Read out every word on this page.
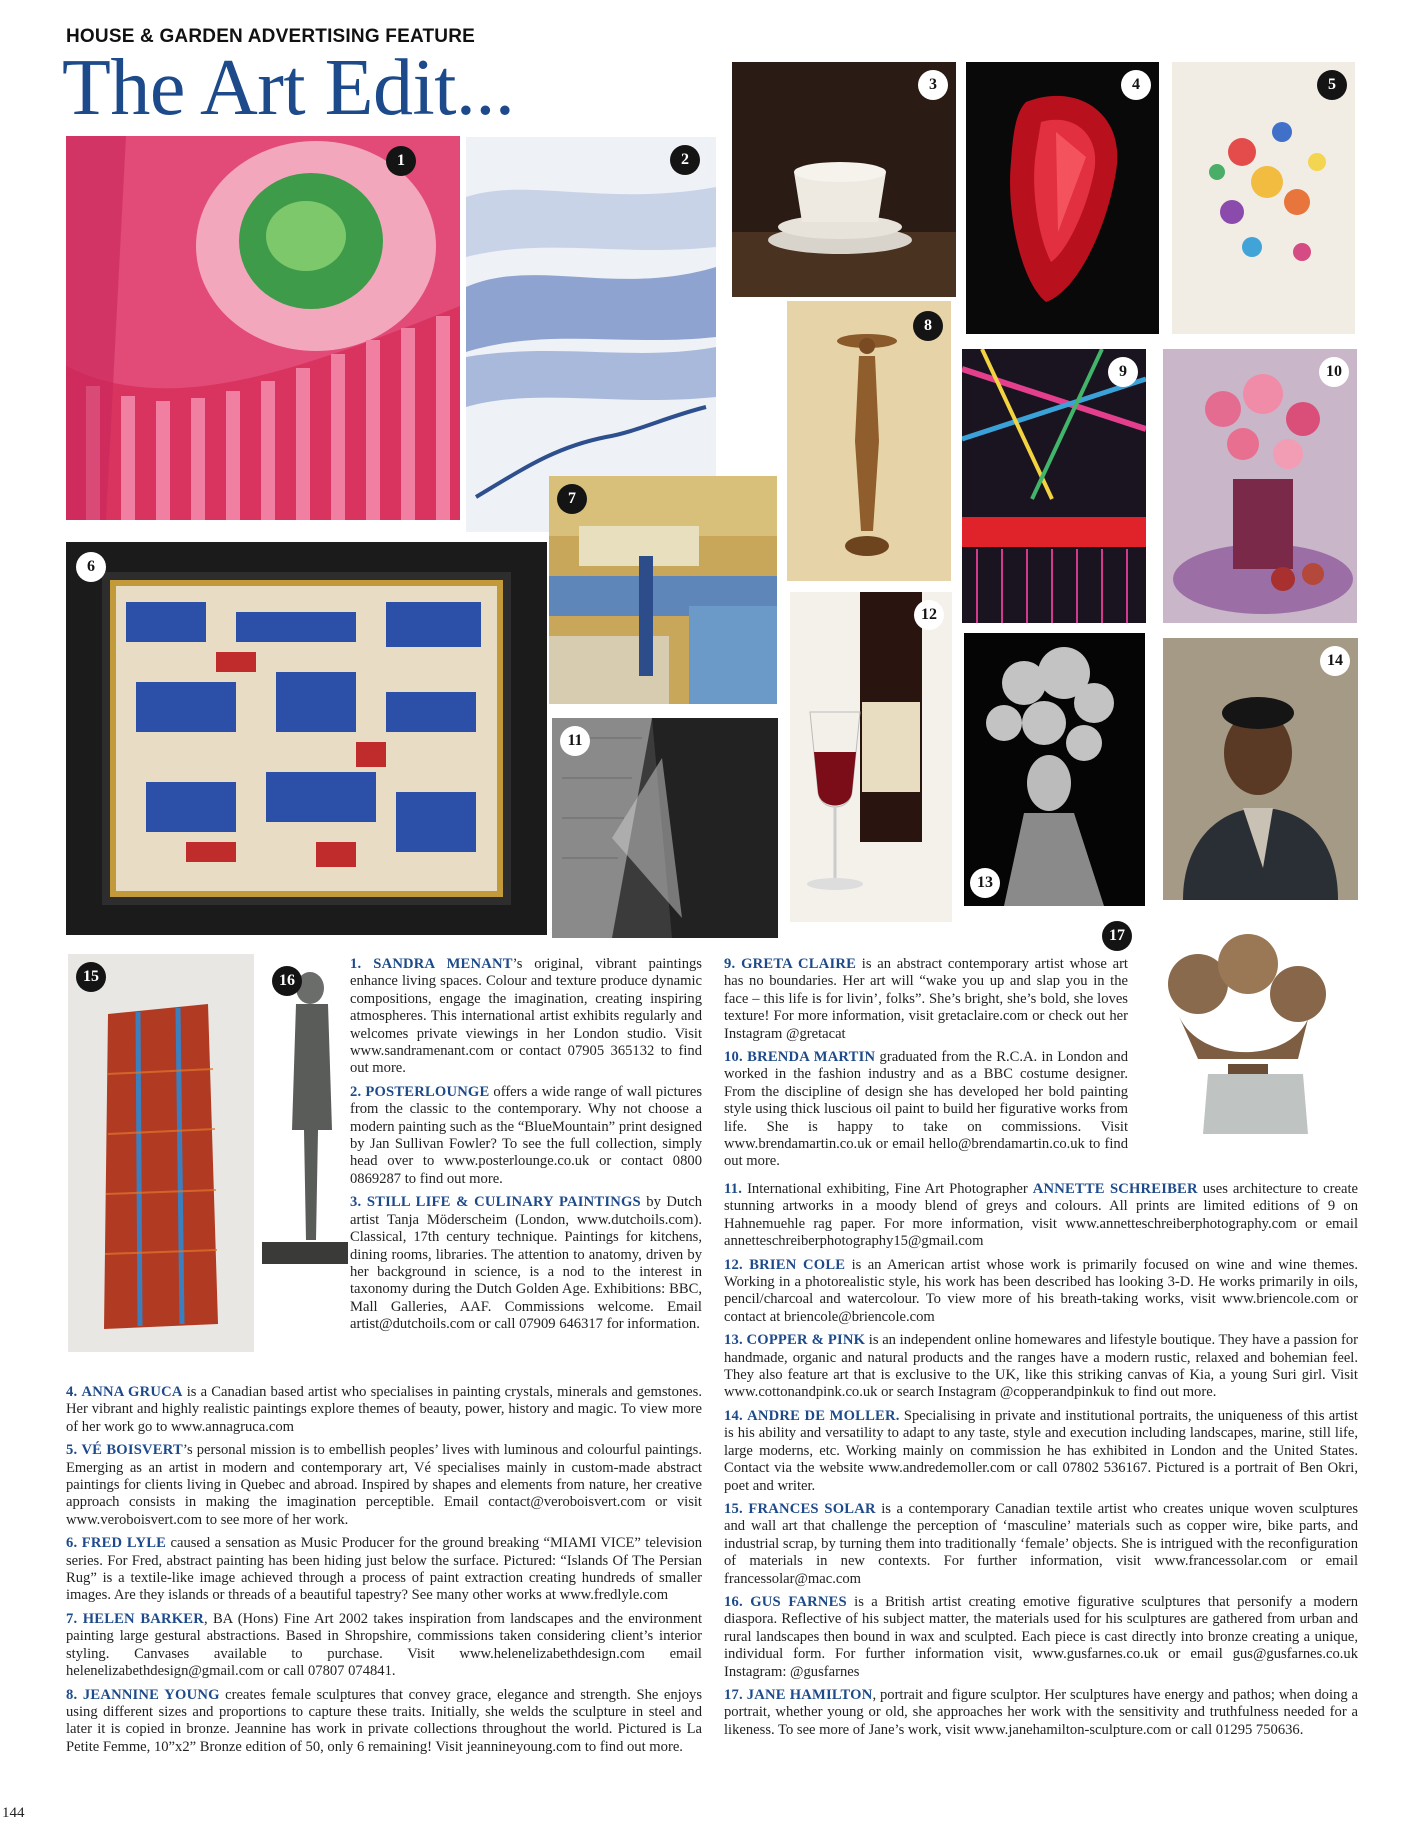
HOUSE & GARDEN ADVERTISING FEATURE
The Art Edit...
1	2
3	4	5
8
9	10
6
7
11
12
13
14
17
15	16

1. SANDRA MENANT’s original, vibrant paintings enhance living spaces. Colour and texture produce dynamic compositions, engage the imagination, creating inspiring atmospheres. This international artist exhibits regularly and welcomes private viewings in her London studio. Visit www.sandramenant.com or contact 07905 365132 to find out more.

2. POSTERLOUNGE offers a wide range of wall pictures from the classic to the contemporary. Why not choose a modern painting such as the “BlueMountain” print designed by Jan Sullivan Fowler? To see the full collection, simply head over to www.posterlounge.co.uk or contact 0800 0869287 to find out more.

3. STILL LIFE & CULINARY PAINTINGS by Dutch artist Tanja Möderscheim (London, www.dutchoils.com). Classical, 17th century technique. Paintings for kitchens, dining rooms, libraries. The attention to anatomy, driven by her background in science, is a nod to the interest in taxonomy during the Dutch Golden Age. Exhibitions: BBC, Mall Galleries, AAF. Commissions welcome. Email artist@dutchoils.com or call 07909 646317 for information.

4. ANNA GRUCA is a Canadian based artist who specialises in painting crystals, minerals and gemstones. Her vibrant and highly realistic paintings explore themes of beauty, power, history and magic. To view more of her work go to www.annagruca.com

5. VÉ BOISVERT’s personal mission is to embellish peoples’ lives with luminous and colourful paintings. Emerging as an artist in modern and contemporary art, Vé specialises mainly in custom-made abstract paintings for clients living in Quebec and abroad. Inspired by shapes and elements from nature, her creative approach consists in making the imagination perceptible. Email contact@veroboisvert.com or visit www.veroboisvert.com to see more of her work.

6. FRED LYLE caused a sensation as Music Producer for the ground breaking “MIAMI VICE” television series. For Fred, abstract painting has been hiding just below the surface. Pictured: “Islands Of The Persian Rug” is a textile-like image achieved through a process of paint extraction creating hundreds of smaller images. Are they islands or threads of a beautiful tapestry? See many other works at www.fredlyle.com

7. HELEN BARKER, BA (Hons) Fine Art 2002 takes inspiration from landscapes and the environment painting large gestural abstractions. Based in Shropshire, commissions taken considering client’s interior styling. Canvases available to purchase. Visit www.helenelizabethdesign.com email helenelizabethdesign@gmail.com or call 07807 074841.

8. JEANNINE YOUNG creates female sculptures that convey grace, elegance and strength. She enjoys using different sizes and proportions to capture these traits. Initially, she welds the sculpture in steel and later it is copied in bronze. Jeannine has work in private collections throughout the world. Pictured is La Petite Femme, 10”x2” Bronze edition of 50, only 6 remaining! Visit jeannineyoung.com to find out more.

9. GRETA CLAIRE is an abstract contemporary artist whose art has no boundaries. Her art will “wake you up and slap you in the face – this life is for livin’, folks”. She’s bright, she’s bold, she loves texture! For more information, visit gretaclaire.com or check out her Instagram @gretacat

10. BRENDA MARTIN graduated from the R.C.A. in London and worked in the fashion industry and as a BBC costume designer. From the discipline of design she has developed her bold painting style using thick luscious oil paint to build her figurative works from life. She is happy to take on commissions. Visit www.brendamartin.co.uk or email hello@brendamartin.co.uk to find out more.

11. International exhibiting, Fine Art Photographer ANNETTE SCHREIBER uses architecture to create stunning artworks in a moody blend of greys and colours. All prints are limited editions of 9 on Hahnemuehle rag paper. For more information, visit www.annetteschreiberphotography.com or email annetteschreiberphotography15@gmail.com

12. BRIEN COLE is an American artist whose work is primarily focused on wine and wine themes. Working in a photorealistic style, his work has been described has looking 3-D. He works primarily in oils, pencil/charcoal and watercolour. To view more of his breath-taking works, visit www.briencole.com or contact at briencole@briencole.com

13. COPPER & PINK is an independent online homewares and lifestyle boutique. They have a passion for handmade, organic and natural products and the ranges have a modern rustic, relaxed and bohemian feel. They also feature art that is exclusive to the UK, like this striking canvas of Kia, a young Suri girl. Visit www.cottonandpink.co.uk or search Instagram @copperandpinkuk to find out more.

14. ANDRE DE MOLLER. Specialising in private and institutional portraits, the uniqueness of this artist is his ability and versatility to adapt to any taste, style and execution including landscapes, marine, still life, large moderns, etc. Working mainly on commission he has exhibited in London and the United States. Contact via the website www.andredemoller.com or call 07802 536167. Pictured is a portrait of Ben Okri, poet and writer.

15. FRANCES SOLAR is a contemporary Canadian textile artist who creates unique woven sculptures and wall art that challenge the perception of ‘masculine’ materials such as copper wire, bike parts, and industrial scrap, by turning them into traditionally ‘female’ objects. She is intrigued with the reconfiguration of materials in new contexts. For further information, visit www.francessolar.com or email francessolar@mac.com

16. GUS FARNES is a British artist creating emotive figurative sculptures that personify a modern diaspora. Reflective of his subject matter, the materials used for his sculptures are gathered from urban and rural landscapes then bound in wax and sculpted. Each piece is cast directly into bronze creating a unique, individual form. For further information visit, www.gusfarnes.co.uk or email gus@gusfarnes.co.uk Instagram: @gusfarnes

17. JANE HAMILTON, portrait and figure sculptor. Her sculptures have energy and pathos; when doing a portrait, whether young or old, she approaches her work with the sensitivity and truthfulness needed for a likeness. To see more of Jane’s work, visit www.janehamilton-sculpture.com or call 01295 750636.

144
